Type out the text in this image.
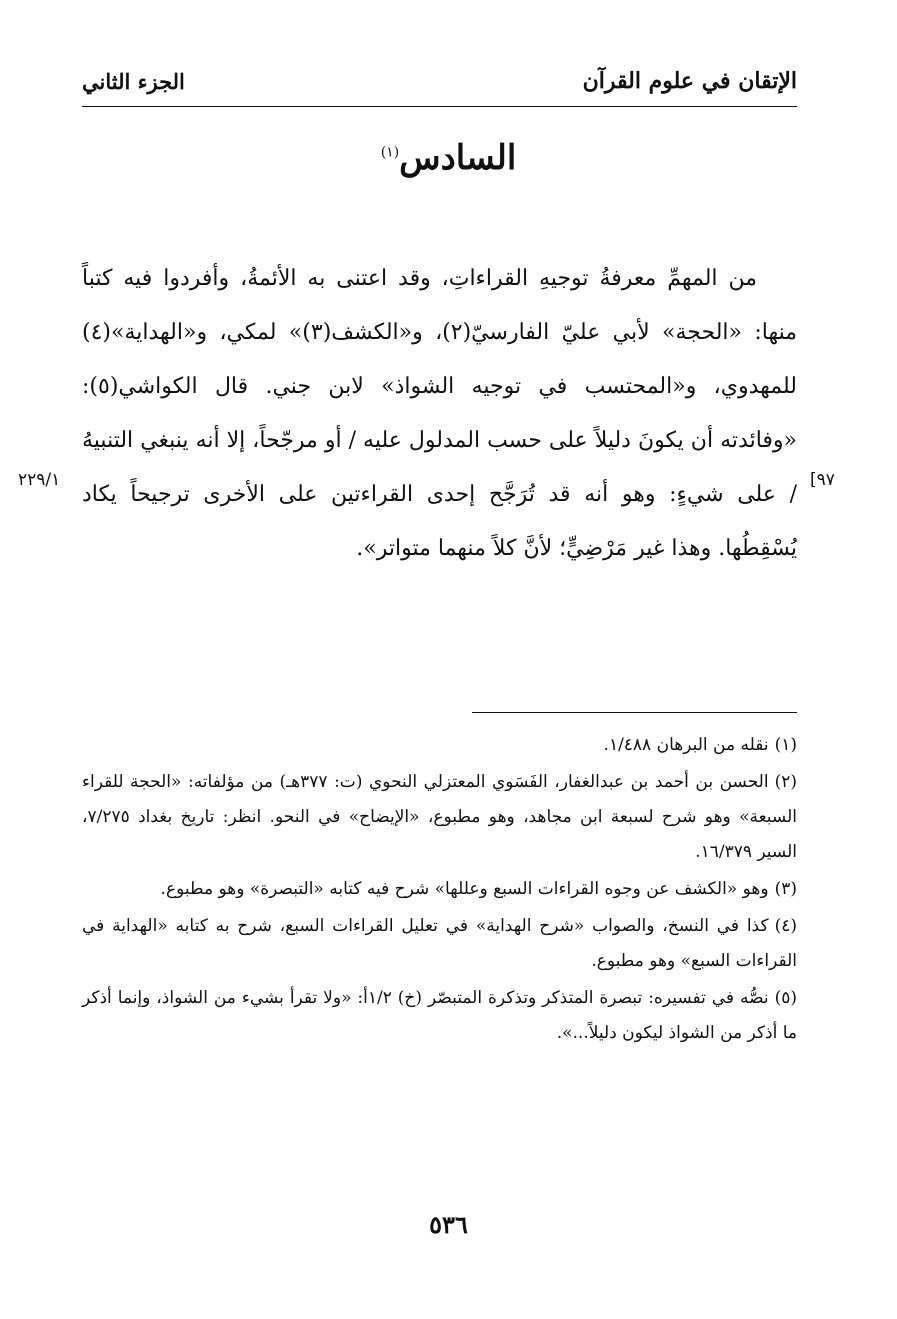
الإتقان في علوم القرآن
الجزء الثاني
السادس$^{(١)}$

من المهمِّ معرفةُ توجيهِ القراءاتِ، وقد اعتنى به الأئمةُ، وأفردوا فيه كتباً منها: «الحجة» لأبي عليّ الفارسيّ(٢)، و«الكشف(٣)» لمكي، و«الهداية»(٤) للمهدوي، و«المحتسب في توجيه الشواذ» لابن جني. قال الكواشي(٥): «وفائدته أن يكونَ دليلاً على حسب المدلول عليه / أو مرجّحاً، إلا أنه ينبغي التنبيهُ / على شيءٍ: وهو أنه قد تُرَجَّح إحدى القراءتين على الأخرى ترجيحاً يكاد يُسْقِطُها. وهذا غير مَرْضِيٍّ؛ لأنَّ كلاً منهما متواتر».

[٩٧
٢٢٩/١

(١)نقله من البرهان ١/٤٨٨.

(٢)الحسن بن أحمد بن عبدالغفار، الفَسَوي المعتزلي النحوي (ت: ٣٧٧هـ) من مؤلفاته: «الحجة للقراء السبعة» وهو شرح لسبعة ابن مجاهد، وهو مطبوع، «الإيضاح» في النحو. انظر: تاريخ بغداد ٧/٢٧٥، السير ١٦/٣٧٩.

(٣)وهو «الكشف عن وجوه القراءات السبع وعللها» شرح فيه كتابه «التبصرة» وهو مطبوع.

(٤)كذا في النسخ، والصواب «شرح الهداية» في تعليل القراءات السبع، شرح به كتابه «الهداية في القراءات السبع» وهو مطبوع.

(٥)نصُّه في تفسيره: تبصرة المتذكر وتذكرة المتبصّر (خ) ١/٢أ: «ولا تقرأ بشيء من الشواذ، وإنما أذكر ما أذكر من الشواذ ليكون دليلاً...».

٥٣٦
